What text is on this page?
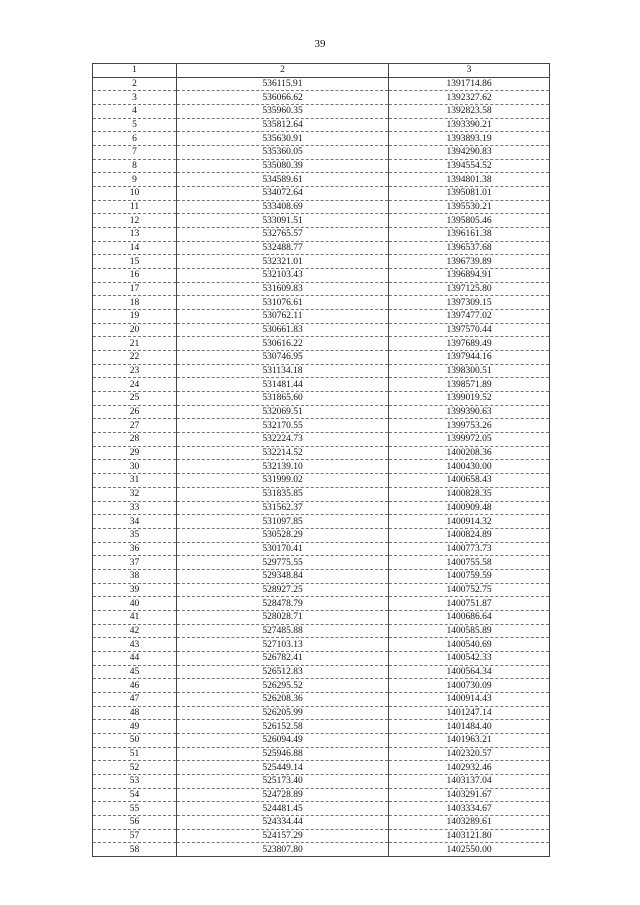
39
1	2	3
2	536115.91	1391714.86
3	536066.62	1392327.62
4	535960.35	1392823.58
5	535812.64	1393390.21
6	535630.91	1393893.19
7	535360.05	1394290.83
8	535080.39	1394554.52
9	534589.61	1394801.38
10	534072.64	1395081.01
11	533408.69	1395530.21
12	533091.51	1395805.46
13	532765.57	1396161.38
14	532488.77	1396537.68
15	532321.01	1396739.89
16	532103.43	1396894.91
17	531609.83	1397125.80
18	531076.61	1397309.15
19	530762.11	1397477.02
20	530661.83	1397570.44
21	530616.22	1397689.49
22	530746.95	1397944.16
23	531134.18	1398300.51
24	531481.44	1398571.89
25	531865.60	1399019.52
26	532069.51	1399390.63
27	532170.55	1399753.26
28	532224.73	1399972.05
29	532214.52	1400208.36
30	532139.10	1400430.00
31	531999.02	1400658.43
32	531835.85	1400828.35
33	531562.37	1400909.48
34	531097.85	1400914.32
35	530528.29	1400824.89
36	530170.41	1400773.73
37	529775.55	1400755.58
38	529348.84	1400759.59
39	528927.25	1400752.75
40	528478.79	1400751.87
41	528028.71	1400686.64
42	527485.88	1400585.89
43	527103.13	1400540.69
44	526782.41	1400542.33
45	526512.83	1400564.34
46	526295.52	1400730.09
47	526208.36	1400914.43
48	526205.99	1401247.14
49	526152.58	1401484.40
50	526094.49	1401963.21
51	525946.88	1402320.57
52	525449.14	1402932.46
53	525173.40	1403137.04
54	524728.89	1403291.67
55	524481.45	1403334.67
56	524334.44	1403289.61
57	524157.29	1403121.80
58	523807.80	1402550.00
